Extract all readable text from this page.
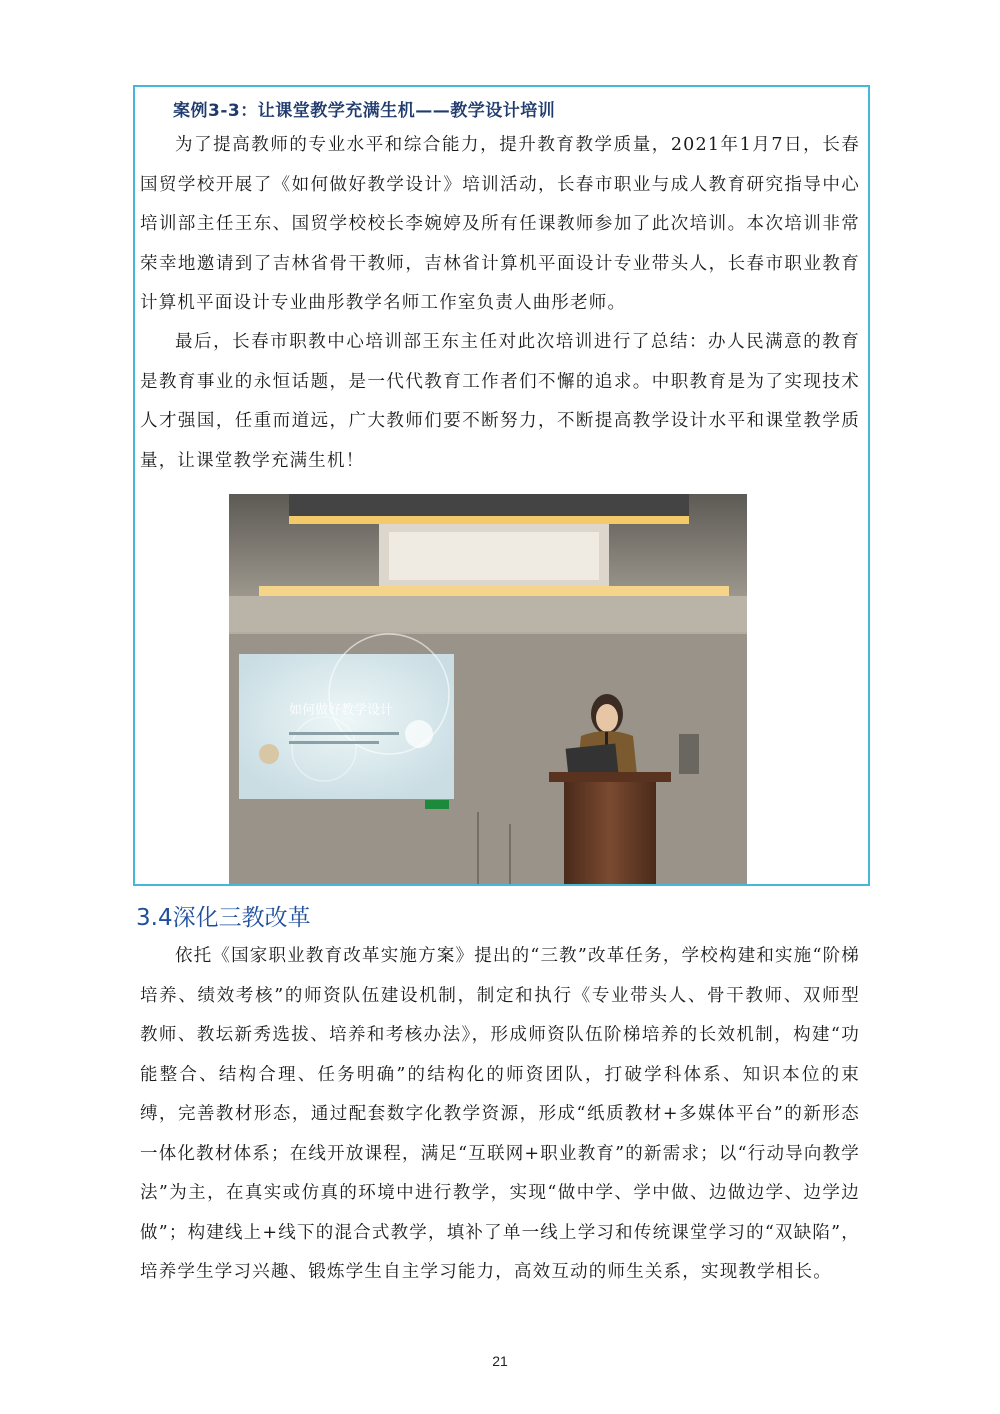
案例3-3：让课堂教学充满生机——教学设计培训

为了提高教师的专业水平和综合能力，提升教育教学质量，2021年1月7日，长春国贸学校开展了《如何做好教学设计》培训活动，长春市职业与成人教育研究指导中心培训部主任王东、国贸学校校长李婉婷及所有任课教师参加了此次培训。本次培训非常荣幸地邀请到了吉林省骨干教师，吉林省计算机平面设计专业带头人，长春市职业教育计算机平面设计专业曲彤教学名师工作室负责人曲彤老师。

最后，长春市职教中心培训部王东主任对此次培训进行了总结：办人民满意的教育是教育事业的永恒话题，是一代代教育工作者们不懈的追求。中职教育是为了实现技术人才强国，任重而道远，广大教师们要不断努力，不断提高教学设计水平和课堂教学质量，让课堂教学充满生机！

如何做好教学设计
3.4深化三教改革

依托《国家职业教育改革实施方案》提出的“三教”改革任务，学校构建和实施“阶梯培养、绩效考核”的师资队伍建设机制，制定和执行《专业带头人、骨干教师、双师型教师、教坛新秀选拔、培养和考核办法》，形成师资队伍阶梯培养的长效机制，构建“功能整合、结构合理、任务明确”的结构化的师资团队，打破学科体系、知识本位的束缚，完善教材形态，通过配套数字化教学资源，形成“纸质教材+多媒体平台”的新形态一体化教材体系；在线开放课程，满足“互联网+职业教育”的新需求；以“行动导向教学法”为主，在真实或仿真的环境中进行教学，实现“做中学、学中做、边做边学、边学边做”；构建线上+线下的混合式教学，填补了单一线上学习和传统课堂学习的“双缺陷”，培养学生学习兴趣、锻炼学生自主学习能力，高效互动的师生关系，实现教学相长。

21
